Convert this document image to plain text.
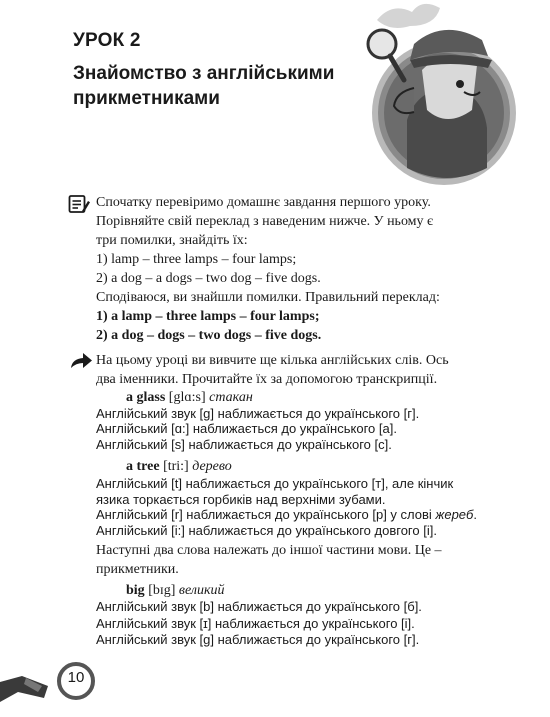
УРОК 2
Знайомство з англійськими прикметниками
Спочатку перевіримо домашнє завдання першого уроку.
Порівняйте свій переклад з наведеним нижче. У ньому є
три помилки, знайдіть їх:
1) lamp – three lamps – four lamps;
2) a dog – a dogs – two dog – five dogs.
Сподіваюся, ви знайшли помилки. Правильний переклад:
1) a lamp – three lamps – four lamps;
2) a dog – dogs – two dogs – five dogs.
На цьому уроці ви вивчите ще кілька англійських слів. Ось
два іменники. Прочитайте їх за допомогою транскрипції.
a glass [glɑ:s] стакан
Англійський звук [g] наближається до українського [г].
Англійський [ɑ:] наближається до українського [а].
Англійський [s] наближається до українського [с].
a tree [tri:] дерево
Англійський [t] наближається до українського [т], але кінчик
язика торкається горбиків над верхніми зубами.
Англійський [r] наближається до українського [р] у слові жереб.
Англійський [i:] наближається до українського довгого [і].
Наступні два слова належать до іншої частини мови. Це –
прикметники.
big [bɪg] великий
Англійський звук [b] наближається до українського [б].
Англійський звук [ɪ] наближається до українського [і].
Англійський звук [g] наближається до українського [г].
10
